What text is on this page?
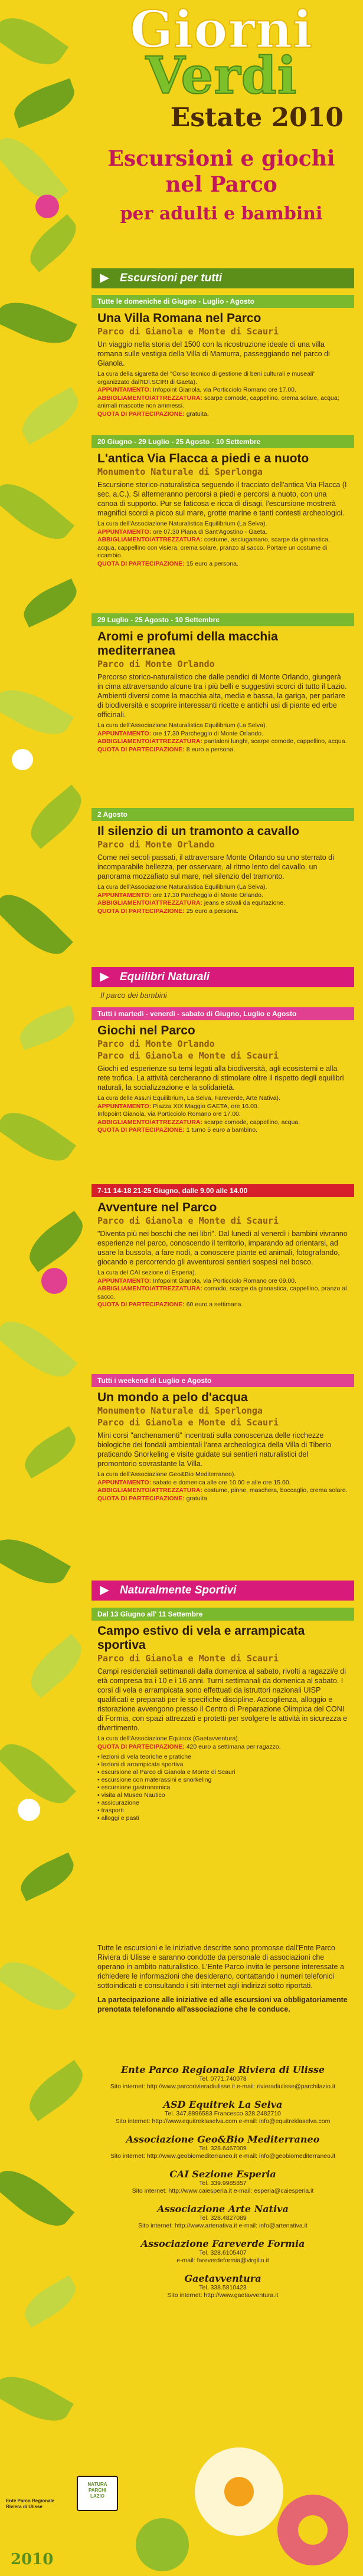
Giorni
Verdi
Estate 2010
Escursioni e giochi
nel Parco
per adulti e bambini
Escursioni per tutti
Tutte le domeniche di Giugno - Luglio - Agosto
Una Villa Romana nel Parco
Parco di Gianola e Monte di Scauri
Un viaggio nella storia del 1500 con la ricostruzione ideale di una villa romana sulle vestigia della Villa di Mamurra, passeggiando nel parco di Gianola.
La cura della sigaretta del "Corso tecnico di gestione di beni culturali e museali" organizzato dall'IDI.SCIRI di Gaeta).
APPUNTAMENTO: Infopoint Gianola, via Porticciolo Romano ore 17.00.
ABBIGLIAMENTO/ATTREZZATURA: scarpe comode, cappellino, crema solare, acqua; animali mascotte non ammessi.
QUOTA DI PARTECIPAZIONE: gratuita.
20 Giugno - 29 Luglio - 25 Agosto - 10 Settembre
L'antica Via Flacca a piedi e a nuoto
Monumento Naturale di Sperlonga
Escursione storico-naturalistica seguendo il tracciato dell'antica Via Flacca (I sec. a.C.). Si alterneranno percorsi a piedi e percorsi a nuoto, con una canoa di supporto. Pur se faticosa e ricca di disagi, l'escursione mostrerà magnifici scorci a picco sul mare, grotte marine e tanti contesti archeologici.
La cura dell'Associazione Naturalistica Equilibrium (La Selva).
APPUNTAMENTO: ore 07.30 Piana di Sant'Agostino - Gaeta.
ABBIGLIAMENTO/ATTREZZATURA: costume, asciugamano, scarpe da ginnastica, acqua, cappellino con visiera, crema solare, pranzo al sacco. Portare un costume di ricambio.
QUOTA DI PARTECIPAZIONE: 15 euro a persona.
29 Luglio - 25 Agosto - 10 Settembre
Aromi e profumi della macchia mediterranea
Parco di Monte Orlando
Percorso storico-naturalistico che dalle pendici di Monte Orlando, giungerà in cima attraversando alcune tra i più belli e suggestivi scorci di tutto il Lazio. Ambienti diversi come la macchia alta, media e bassa, la gariga, per parlare di biodiversità e scoprire interessanti ricette e antichi usi di piante ed erbe officinali.
La cura dell'Associazione Naturalistica Equilibrium (La Selva).
APPUNTAMENTO: ore 17.30 Parcheggio di Monte Orlando.
ABBIGLIAMENTO/ATTREZZATURA: pantaloni lunghi, scarpe comode, cappellino, acqua.
QUOTA DI PARTECIPAZIONE: 8 euro a persona.
2 Agosto
Il silenzio di un tramonto a cavallo
Parco di Monte Orlando
Come nei secoli passati, il attraversare Monte Orlando su uno sterrato di incomparabile bellezza, per osservare, al ritmo lento del cavallo, un panorama mozzafiato sul mare, nel silenzio del tramonto.
La cura dell'Associazione Naturalistica Equilibrium (La Selva).
APPUNTAMENTO: ore 17.30 Parcheggio di Monte Orlando.
ABBIGLIAMENTO/ATTREZZATURA: jeans e stivali da equitazione.
QUOTA DI PARTECIPAZIONE: 25 euro a persona.
Equilibri Naturali
Il parco dei bambini
Tutti i martedì - venerdì - sabato di Giugno, Luglio e Agosto
Giochi nel Parco
Parco di Monte Orlando
Parco di Gianola e Monte di Scauri
Giochi ed esperienze su temi legati alla biodiversità, agli ecosistemi e alla rete trofica. La attività cercheranno di stimolare oltre il rispetto degli equilibri naturali, la socializzazione e la solidarietà.
La cura delle Ass.ni Equilibrium, La Selva, Fareverde, Arte Nativa).
APPUNTAMENTO: Piazza XIX Maggio GAETA, ore 16.00.
Infopoint Gianola, via Porticciolo Romano ore 17.00.
ABBIGLIAMENTO/ATTREZZATURA: scarpe comode, cappellino, acqua.
QUOTA DI PARTECIPAZIONE: 1 turno 5 euro a bambino.
7-11 14-18 21-25 Giugno, dalle 9.00 alle 14.00
Avventure nel Parco
Parco di Gianola e Monte di Scauri
"Diventa più nei boschi che nei libri". Dal lunedì al venerdì i bambini vivranno esperienze nel parco, conoscendo il territorio, imparando ad orientarsi, ad usare la bussola, a fare nodi, a conoscere piante ed animali, fotografando, giocando e percorrendo gli avventurosi sentieri sospesi nel bosco.
La cura del CAI sezione di Esperia).
APPUNTAMENTO: Infopoint Gianola, via Porticciolo Romano ore 09.00.
ABBIGLIAMENTO/ATTREZZATURA: comodo, scarpe da ginnastica, cappellino, pranzo al sacco.
QUOTA DI PARTECIPAZIONE: 60 euro a settimana.
Tutti i weekend di Luglio e Agosto
Un mondo a pelo d'acqua
Monumento Naturale di Sperlonga
Parco di Gianola e Monte di Scauri
Mini corsi "anchenamenti" incentrati sulla conoscenza delle ricchezze biologiche dei fondali ambientali l'area archeologica della Villa di Tiberio praticando Snorkeling e visite guidate sui sentieri naturalistici del promontorio sovrastante la Villa.
La cura dell'Associazione Geo&Bio Mediterraneo).
APPUNTAMENTO: sabato e domenica alle ore 10.00 e alle ore 15.00.
ABBIGLIAMENTO/ATTREZZATURA: costume, pinne, maschera, boccaglio, crema solare.
QUOTA DI PARTECIPAZIONE: gratuita.
Naturalmente Sportivi
Dal 13 Giugno all' 11 Settembre
Campo estivo di vela e arrampicata sportiva
Parco di Gianola e Monte di Scauri
Campi residenziali settimanali dalla domenica al sabato, rivolti a ragazzi/e di età compresa tra i 10 e i 16 anni. Turni settimanali da domenica al sabato. I corsi di vela e arrampicata sono effettuati da istruttori nazionali UISP qualificati e preparati per le specifiche discipline. Accoglienza, alloggio e ristorazione avvengono presso il Centro di Preparazione Olimpica del CONI di Formia, con spazi attrezzati e protetti per svolgere le attività in sicurezza e divertimento.
La cura dell'Associazione Equinox (Gaetavventura).
QUOTA DI PARTECIPAZIONE: 420 euro a settimana per ragazzo.
• lezioni di vela teoriche e pratiche
• lezioni di arrampicata sportiva
• escursione al Parco di Gianola e Monte di Scauri
• escursione con materassini e snorkeling
• escursione gastronomica
• visita al Museo Nautico
• assicurazione
• trasporti
• alloggi e pasti
Tutte le escursioni e le iniziative descritte sono promosse dall'Ente Parco Riviera di Ulisse e saranno condotte da personale di associazioni che operano in ambito naturalistico. L'Ente Parco invita le persone interessate a richiedere le informazioni che desiderano, contattando i numeri telefonici sottoindicati e consultando i siti internet agli indirizzi sotto riportati.
La partecipazione alle iniziative ed alle escursioni va obbligatoriamente prenotata telefonando all'associazione che le conduce.
Ente Parco Regionale Riviera di Ulisse
Tel. 0771.740078
Sito internet: http://www.parcorivieradiulisse.it e-mail: rivieradiulisse@parchilazio.it
ASD Equitrek La Selva
Tel. 347.8896583 Francesco 328.2482710
Sito internet: http://www.equitreklaselva.com e-mail: info@equitreklaselva.com
Associazione Geo&Bio Mediterraneo
Tel. 328.6467009
Sito internet: http://www.geobiomediterraneo.it e-mail: info@geobiomediterraneo.it
CAI Sezione Esperia
Tel. 339.9985857
Sito internet: http://www.caiesperia.it e-mail: esperia@caiesperia.it
Associazione Arte Nativa
Tel. 328.4827089
Sito internet: http://www.artenativa.it e-mail: info@artenativa.it
Associazione Fareverde Formia
Tel. 328.6105407
e-mail: fareverdeformia@virgilio.it
Gaetavventura
Tel. 338.5810423
Sito internet: http://www.gaetavventura.it
NATURA
PARCHI
LAZIO
Ente Parco Regionale
Riviera di Ulisse
2010
